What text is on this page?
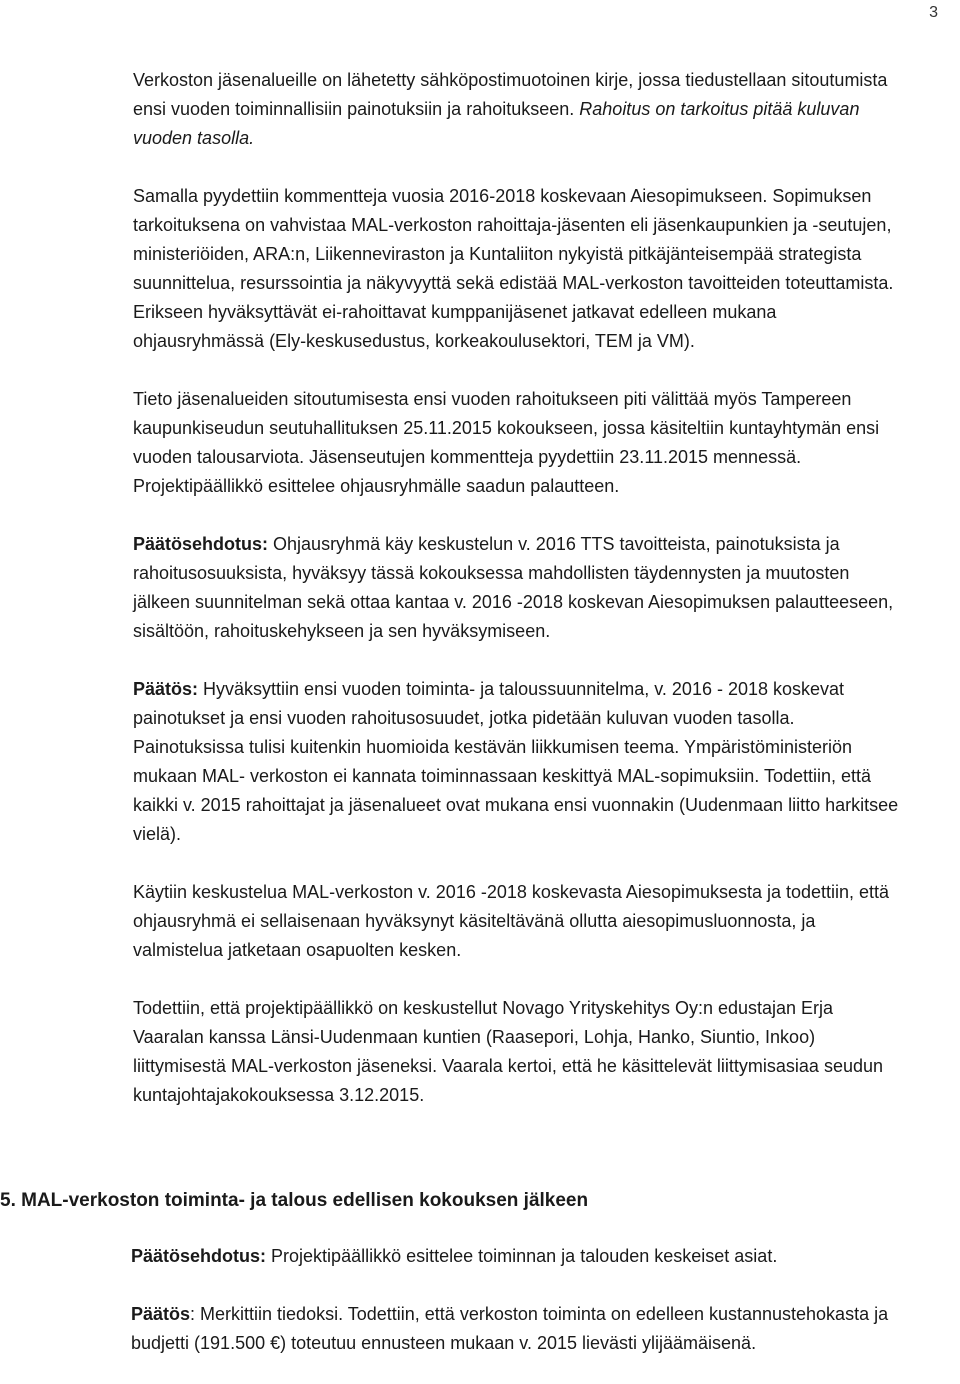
3

Verkoston jäsenalueille on lähetetty sähköpostimuotoinen kirje, jossa tiedustellaan sitoutumista ensi vuoden toiminnallisiin painotuksiin ja rahoitukseen. Rahoitus on tarkoitus pitää kuluvan vuoden tasolla.

Samalla pyydettiin kommentteja vuosia 2016-2018 koskevaan Aiesopimukseen. Sopimuksen tarkoituksena on vahvistaa MAL-verkoston rahoittaja-jäsenten eli jäsenkaupunkien ja -seutujen, ministeriöiden, ARA:n, Liikenneviraston ja Kuntaliiton nykyistä pitkäjänteisempää strategista suunnittelua, resurssointia ja näkyvyyttä sekä edistää MAL-verkoston tavoitteiden toteuttamista. Erikseen hyväksyttävät ei-rahoittavat kumppanijäsenet jatkavat edelleen mukana ohjausryhmässä (Ely-keskusedustus, korkeakoulusektori, TEM ja VM).

Tieto jäsenalueiden sitoutumisesta ensi vuoden rahoitukseen piti välittää myös Tampereen kaupunkiseudun seutuhallituksen 25.11.2015 kokoukseen, jossa käsiteltiin kuntayhtymän ensi vuoden talousarviota. Jäsenseutujen kommentteja pyydettiin 23.11.2015 mennessä. Projektipäällikkö esittelee ohjausryhmälle saadun palautteen.

Päätösehdotus: Ohjausryhmä käy keskustelun v. 2016 TTS tavoitteista, painotuksista ja rahoitusosuuksista, hyväksyy tässä kokouksessa mahdollisten täydennysten ja muutosten jälkeen suunnitelman sekä ottaa kantaa v. 2016 -2018 koskevan Aiesopimuksen palautteeseen, sisältöön, rahoituskehykseen ja sen hyväksymiseen.

Päätös: Hyväksyttiin ensi vuoden toiminta- ja taloussuunnitelma, v. 2016 - 2018 koskevat painotukset ja ensi vuoden rahoitusosuudet, jotka pidetään kuluvan vuoden tasolla. Painotuksissa tulisi kuitenkin huomioida kestävän liikkumisen teema. Ympäristöministeriön mukaan MAL- verkoston ei kannata toiminnassaan keskittyä MAL-sopimuksiin. Todettiin, että kaikki v. 2015 rahoittajat ja jäsenalueet ovat mukana ensi vuonnakin (Uudenmaan liitto harkitsee vielä).

Käytiin keskustelua MAL-verkoston v. 2016 -2018 koskevasta Aiesopimuksesta ja todettiin, että ohjausryhmä ei sellaisenaan hyväksynyt käsiteltävänä ollutta aiesopimusluonnosta, ja valmistelua jatketaan osapuolten kesken.

Todettiin, että projektipäällikkö on keskustellut Novago Yrityskehitys Oy:n edustajan Erja Vaaralan kanssa Länsi-Uudenmaan kuntien (Raasepori, Lohja, Hanko, Siuntio, Inkoo) liittymisestä MAL-verkoston jäseneksi. Vaarala kertoi, että he käsittelevät liittymisasiaa seudun kuntajohtajakokouksessa 3.12.2015.

5. MAL-verkoston toiminta- ja talous edellisen kokouksen jälkeen

Päätösehdotus: Projektipäällikkö esittelee toiminnan ja talouden keskeiset asiat.

Päätös: Merkittiin tiedoksi. Todettiin, että verkoston toiminta on edelleen kustannustehokasta ja budjetti (191.500 €) toteutuu ennusteen mukaan v. 2015 lievästi ylijäämäisenä.
